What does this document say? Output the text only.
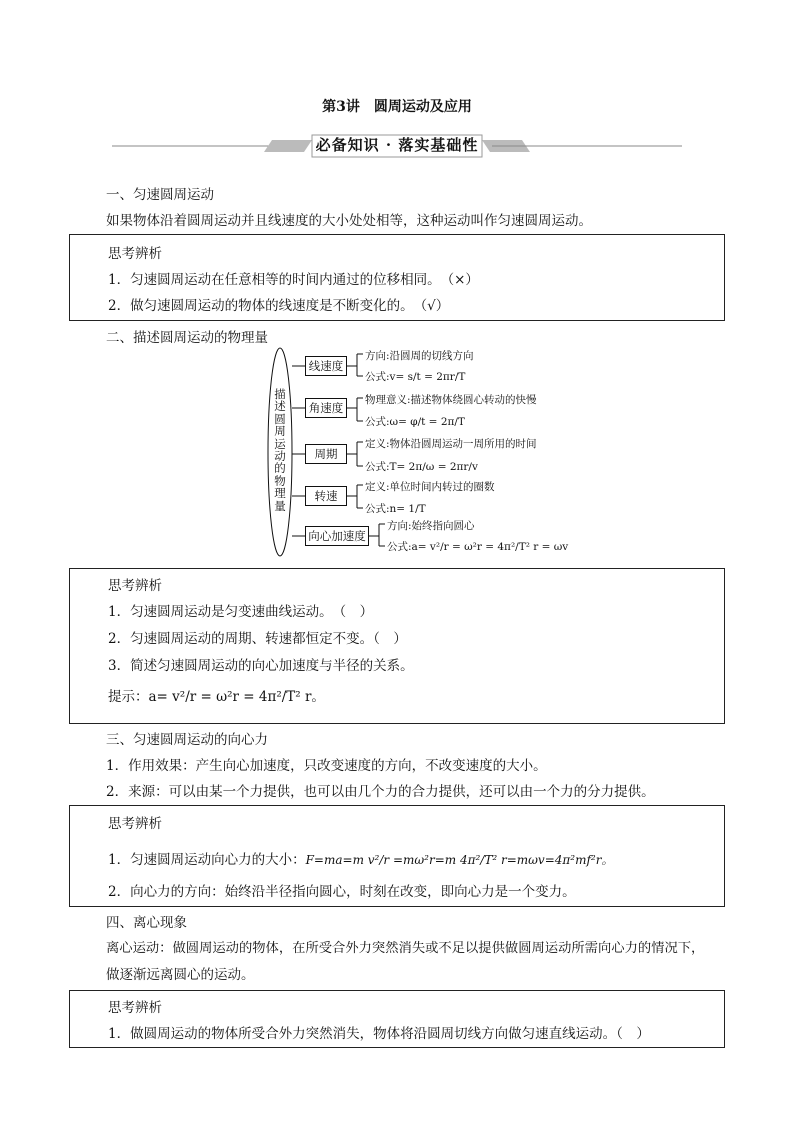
第3讲　圆周运动及应用
必备知识 · 落实基础性
一、匀速圆周运动
如果物体沿着圆周运动并且线速度的大小处处相等，这种运动叫作匀速圆周运动。
思考辨析
1．匀速圆周运动在任意相等的时间内通过的位移相同。　（×）
2．做匀速圆周运动的物体的线速度是不断变化的。　（√）
二、描述圆周运动的物理量
描
述
圆
周
运
动
的
物
理
量
线速度
方向:沿圆周的切线方向
公式:v= s/t = 2πr/T
角速度
物理意义:描述物体绕圆心转动的快慢
公式:ω= φ/t = 2π/T
周期
定义:物体沿圆周运动一周所用的时间
公式:T= 2π/ω = 2πr/v
转速
定义:单位时间内转过的圈数
公式:n= 1/T
向心加速度
方向:始终指向圆心
公式:a= v²/r = ω²r = 4π²/T² r = ωv
思考辨析
1．匀速圆周运动是匀变速曲线运动。　（　）
2．匀速圆周运动的周期、转速都恒定不变。（　）
3．简述匀速圆周运动的向心加速度与半径的关系。
提示：a= v²/r = ω²r = 4π²/T² r。
三、匀速圆周运动的向心力
1．作用效果：产生向心加速度，只改变速度的方向，不改变速度的大小。
2．来源：可以由某一个力提供，也可以由几个力的合力提供，还可以由一个力的分力提供。
思考辨析
1．匀速圆周运动向心力的大小：F=ma=m v²/r =mω²r=m 4π²/T² r=mωv=4π²mf²r。
2．向心力的方向：始终沿半径指向圆心，时刻在改变，即向心力是一个变力。
四、离心现象
离心运动：做圆周运动的物体，在所受合外力突然消失或不足以提供做圆周运动所需向心力的情况下，
做逐渐远离圆心的运动。
思考辨析
1．做圆周运动的物体所受合外力突然消失，物体将沿圆周切线方向做匀速直线运动。（　）
